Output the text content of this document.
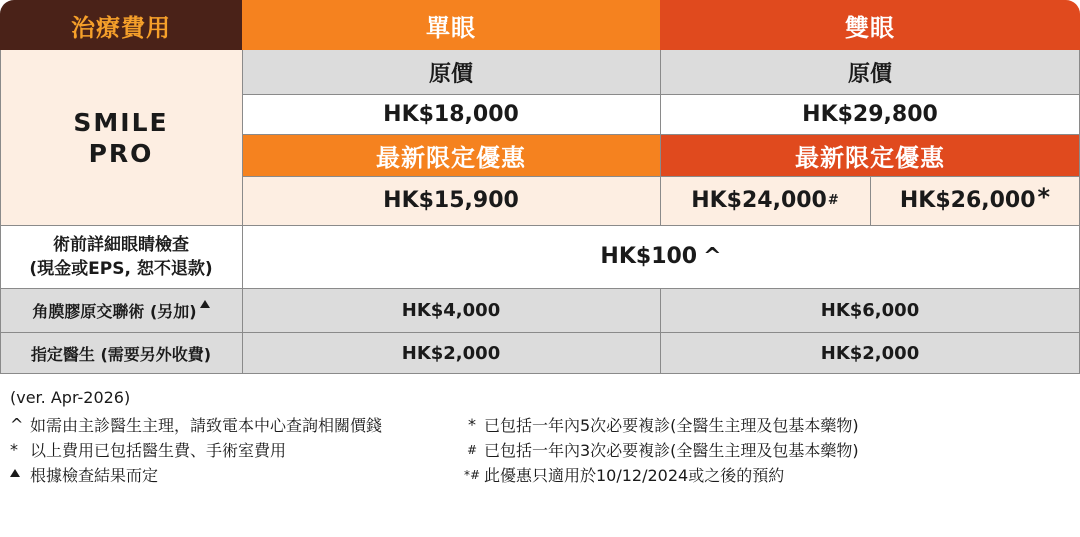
治療費用	單眼	雙眼
SMILE
PRO
原價	原價
HK$18,000	HK$29,800
最新限定優惠	最新限定優惠
HK$15,900	HK$24,000 #	HK$26,000 *
術前詳細眼睛檢查
(現金或EPS, 恕不退款)	HK$100 ^
角膜膠原交聯術 (另加)	HK$4,000	HK$6,000
指定醫生 (需要另外收費)	HK$2,000	HK$2,000
(ver. Apr-2026)
^ 如需由主診醫生主理，請致電本中心查詢相關價錢
* 以上費用已包括醫生費、手術室費用
根據檢查結果而定
* 已包括一年內5次必要複診(全醫生主理及包基本藥物)
# 已包括一年內3次必要複診(全醫生主理及包基本藥物)
*# 此優惠只適用於10/12/2024或之後的預約
